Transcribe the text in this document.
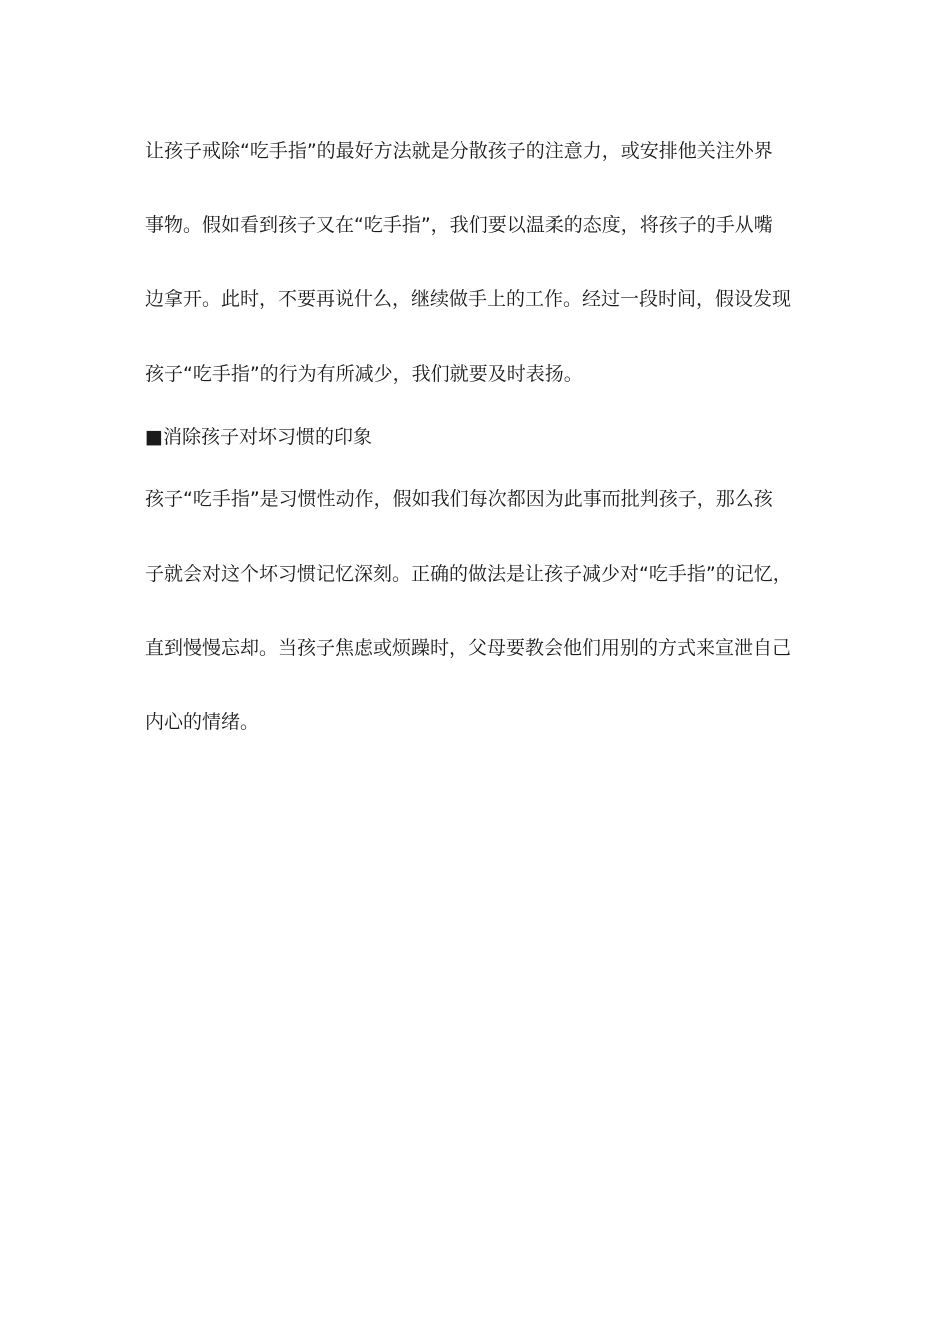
让孩子戒除“吃手指”的最好方法就是分散孩子的注意力，或安排他关注外界
事物。假如看到孩子又在“吃手指”，我们要以温柔的态度，将孩子的手从嘴
边拿开。此时，不要再说什么，继续做手上的工作。经过一段时间，假设发现
孩子“吃手指”的行为有所减少，我们就要及时表扬。
■消除孩子对坏习惯的印象
孩子“吃手指”是习惯性动作，假如我们每次都因为此事而批判孩子，那么孩
子就会对这个坏习惯记忆深刻。正确的做法是让孩子减少对“吃手指”的记忆，
直到慢慢忘却。当孩子焦虑或烦躁时，父母要教会他们用别的方式来宣泄自己
内心的情绪。
